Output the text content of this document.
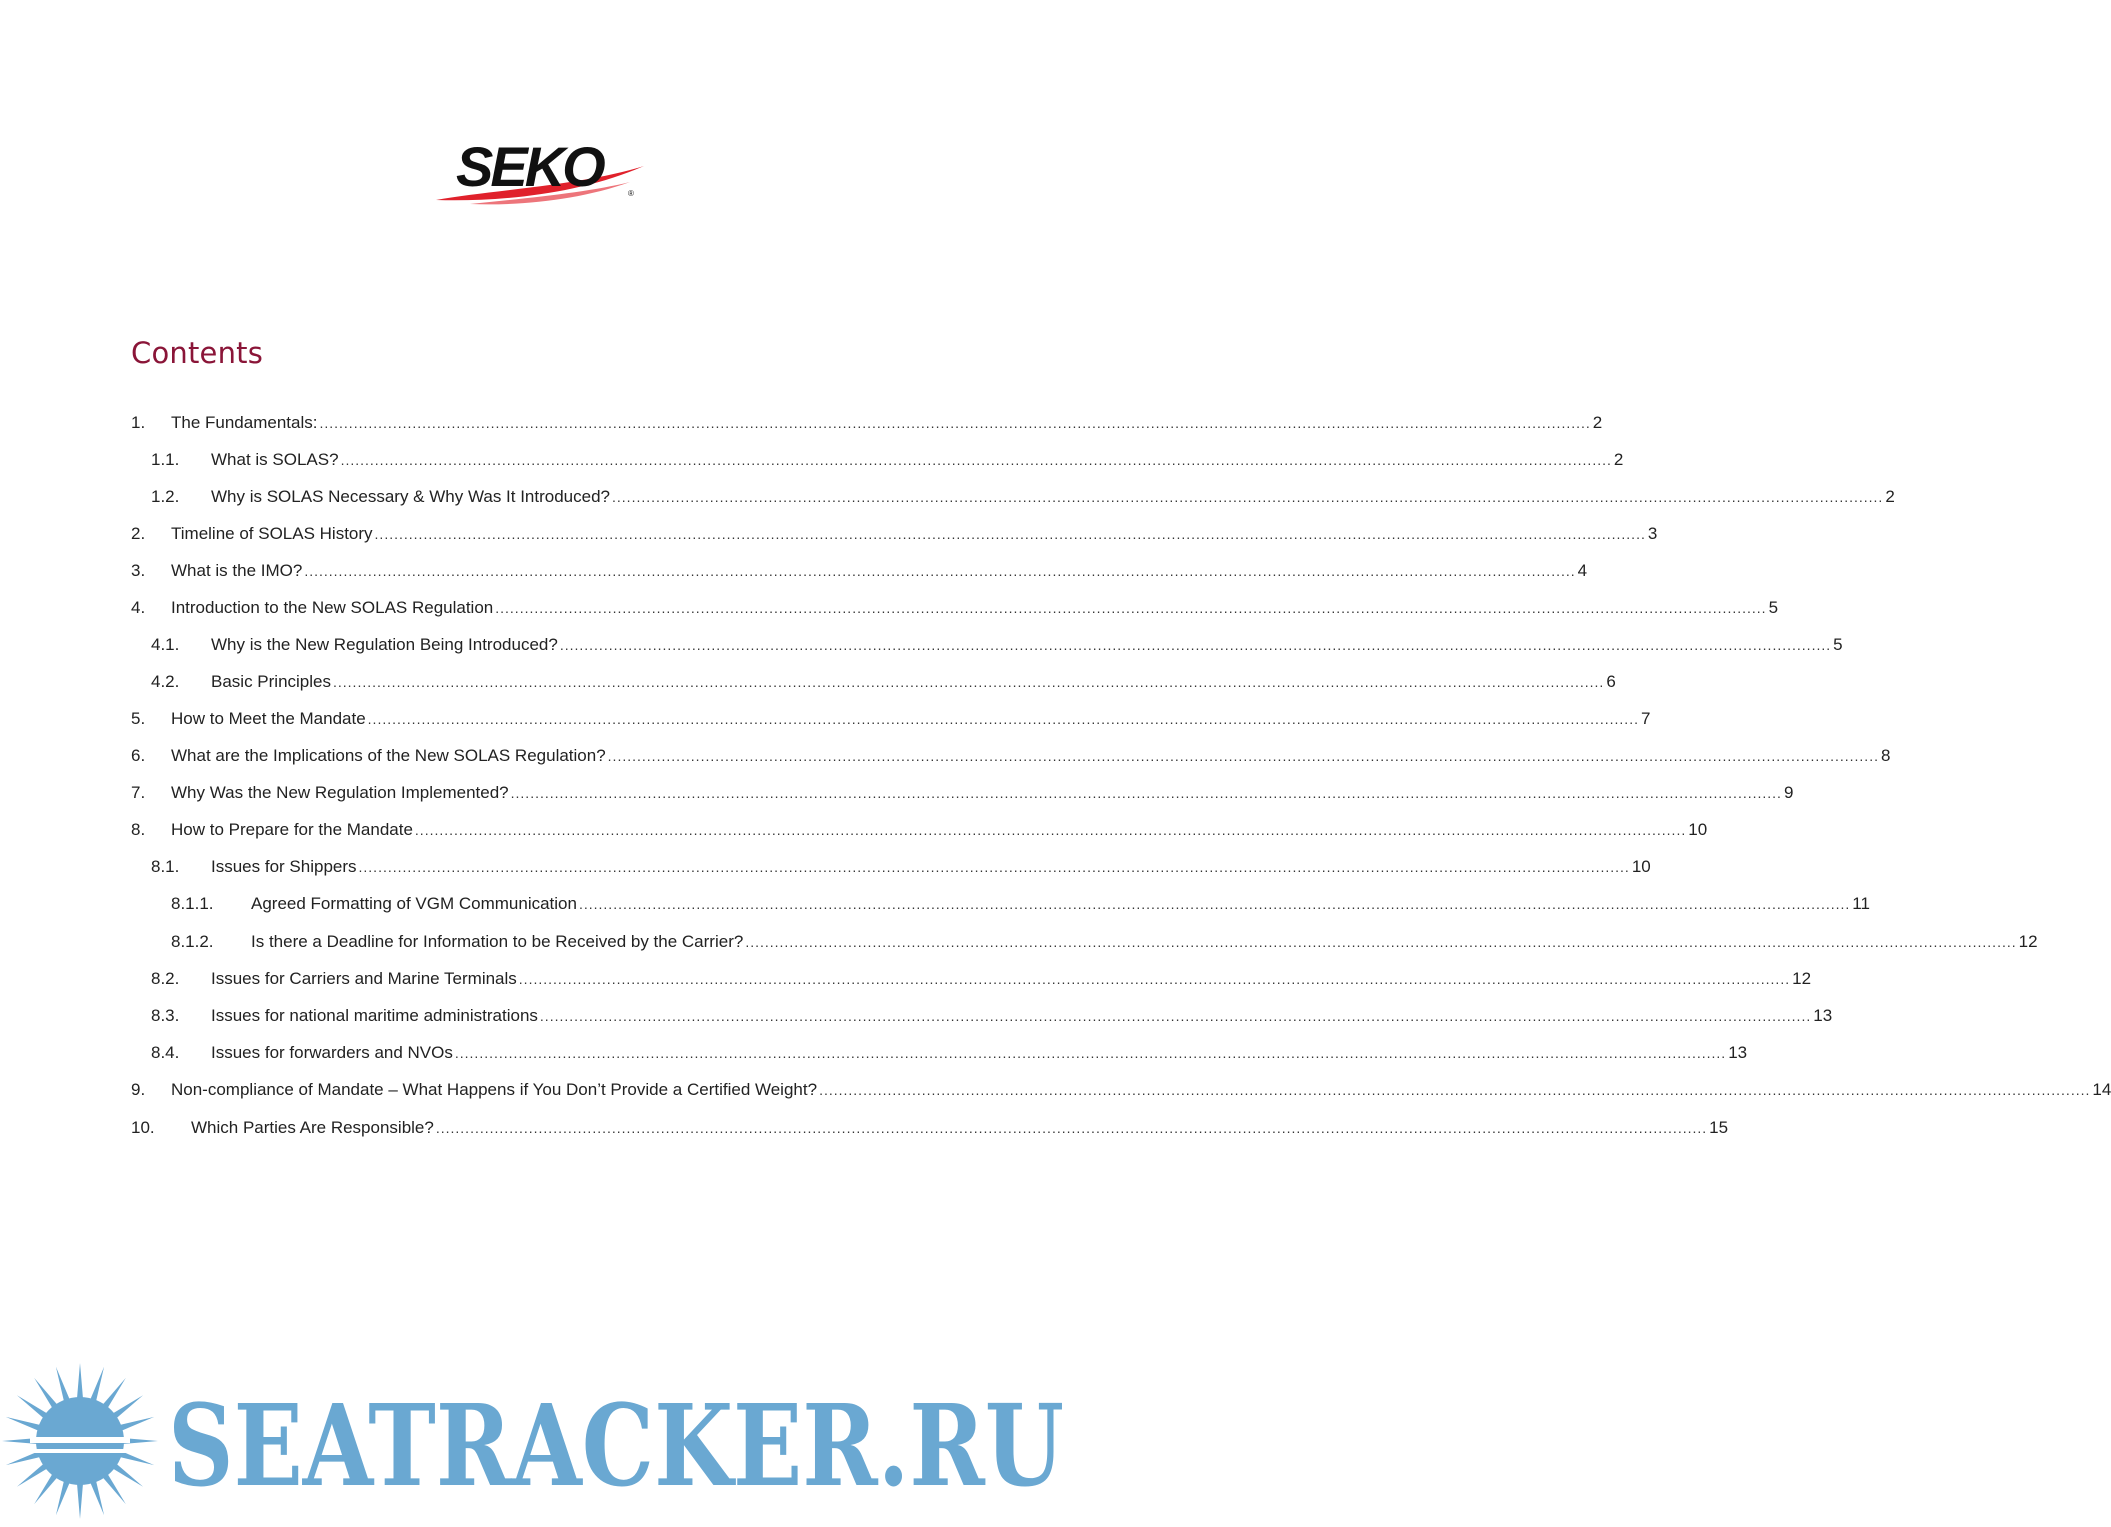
SEKO	®
Contents
1.	The Fundamentals: .....	2
1.1.	What is SOLAS? .....	2
1.2.	Why is SOLAS Necessary & Why Was It Introduced? .....	2
2.	Timeline of SOLAS History .....	3
3.	What is the IMO? .....	4
4.	Introduction to the New SOLAS Regulation .....	5
4.1.	Why is the New Regulation Being Introduced? .....	5
4.2.	Basic Principles .....	6
5.	How to Meet the Mandate .....	7
6.	What are the Implications of the New SOLAS Regulation? .....	8
7.	Why Was the New Regulation Implemented? .....	9
8.	How to Prepare for the Mandate .....	10
8.1.	Issues for Shippers .....	10
8.1.1.	Agreed Formatting of VGM Communication .....	11
8.1.2.	Is there a Deadline for Information to be Received by the Carrier? .....	12
8.2.	Issues for Carriers and Marine Terminals .....	12
8.3.	Issues for national maritime administrations .....	13
8.4.	Issues for forwarders and NVOs .....	13
9.	Non-compliance of Mandate – What Happens if You Don’t Provide a Certified Weight? .....	14
10.	Which Parties Are Responsible? .....	15
SEATRACKER.RU
